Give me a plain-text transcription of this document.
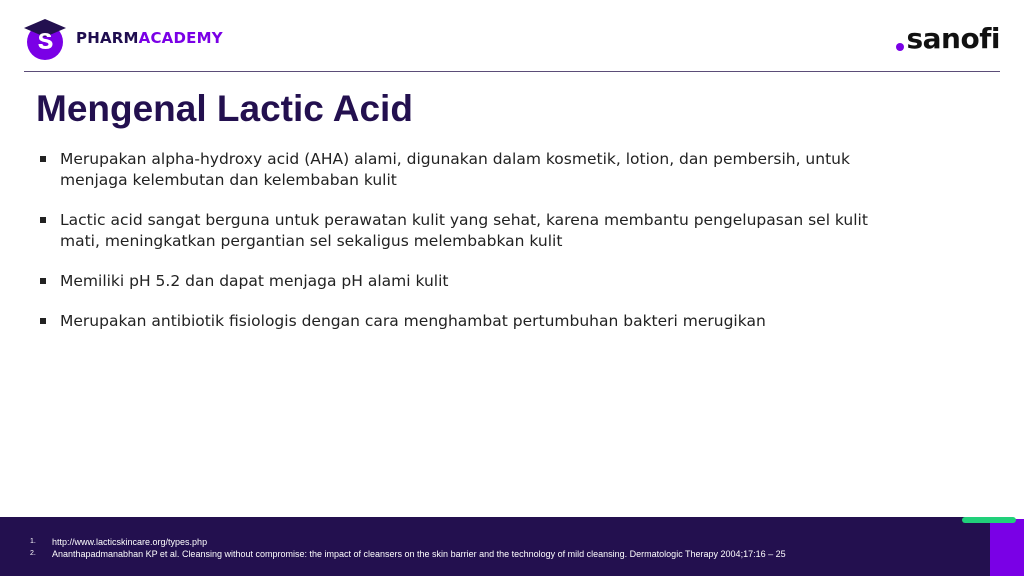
PHARMACADEMY	sanofi
Mengenal Lactic Acid
Merupakan alpha-hydroxy acid (AHA) alami, digunakan dalam kosmetik, lotion, dan pembersih, untuk menjaga kelembutan dan kelembaban kulit
Lactic acid sangat berguna untuk perawatan kulit yang sehat, karena membantu pengelupasan sel kulit mati, meningkatkan pergantian sel sekaligus melembabkan kulit
Memiliki pH 5.2 dan dapat menjaga pH alami kulit
Merupakan antibiotik fisiologis dengan cara menghambat pertumbuhan bakteri merugikan
1.	http://www.lacticskincare.org/types.php
2.	Ananthapadmanabhan KP et al. Cleansing without compromise: the impact of cleansers on the skin barrier and the technology of mild cleansing. Dermatologic Therapy 2004;17:16 – 25
